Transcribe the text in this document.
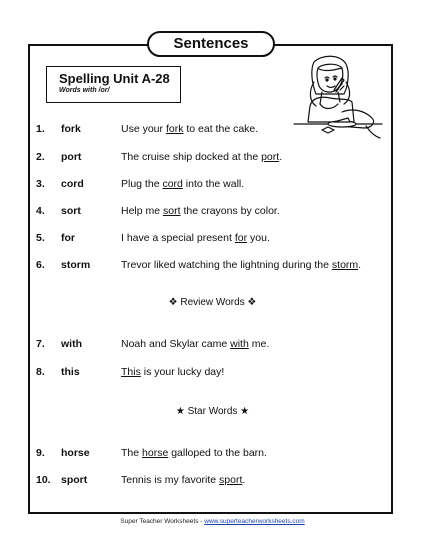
Sentences
Spelling Unit A-28
Words with /or/
1. fork	Use your fork to eat the cake.
2. port	The cruise ship docked at the port.
3. cord	Plug the cord into the wall.
4. sort	Help me sort the crayons by color.
5. for	I have a special present for you.
6. storm	Trevor liked watching the lightning during the storm.
❖ Review Words ❖
7. with	Noah and Skylar came with me.
8. this	This is your lucky day!
★ Star Words ★
9. horse	The horse galloped to the barn.
10. sport	Tennis is my favorite sport.
Super Teacher Worksheets - www.superteacherworksheets.com
